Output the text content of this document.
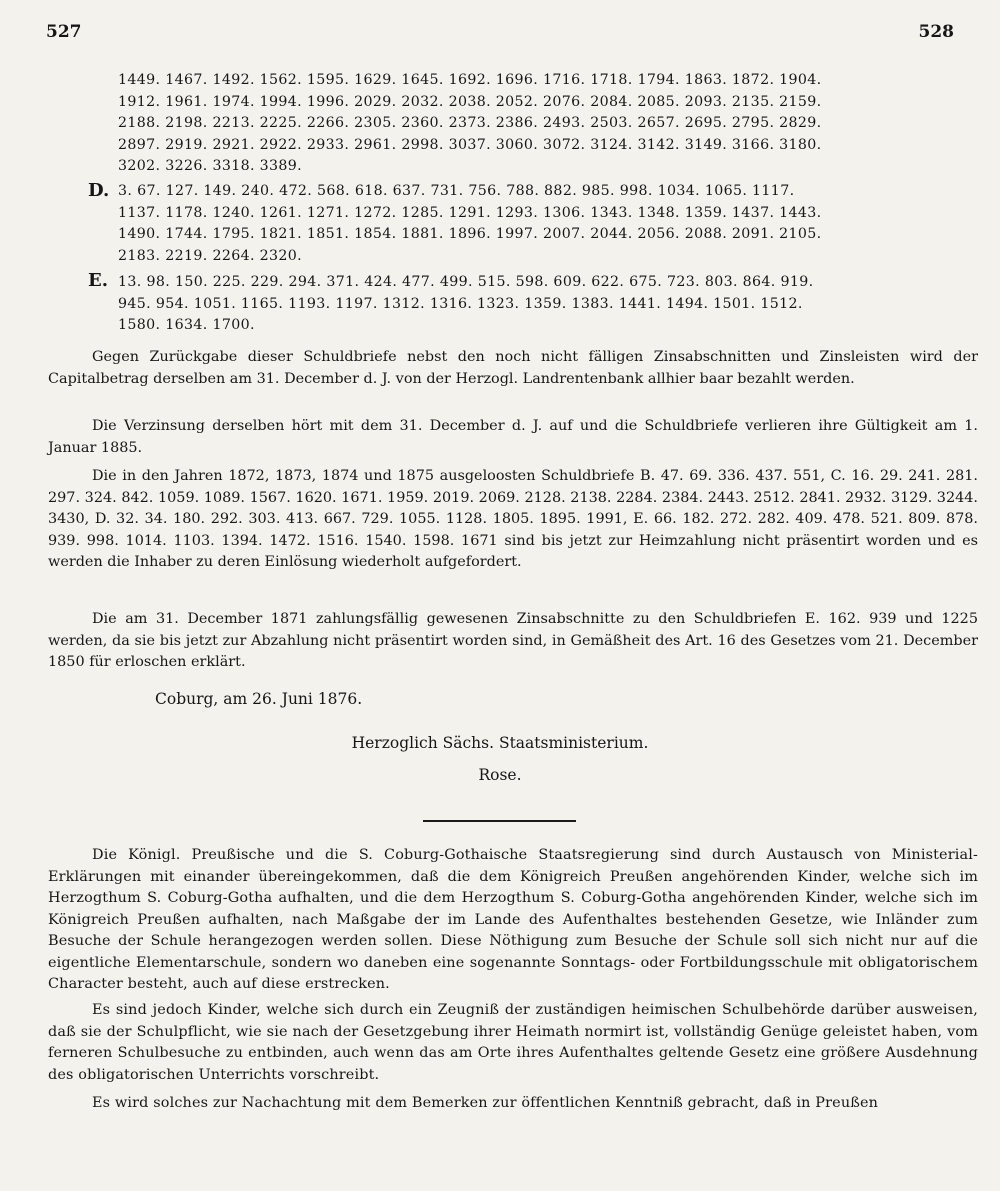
527	528
1449. 1467. 1492. 1562. 1595. 1629. 1645. 1692. 1696. 1716. 1718. 1794. 1863. 1872. 1904.
1912. 1961. 1974. 1994. 1996. 2029. 2032. 2038. 2052. 2076. 2084. 2085. 2093. 2135. 2159.
2188. 2198. 2213. 2225. 2266. 2305. 2360. 2373. 2386. 2493. 2503. 2657. 2695. 2795. 2829.
2897. 2919. 2921. 2922. 2933. 2961. 2998. 3037. 3060. 3072. 3124. 3142. 3149. 3166. 3180.
3202. 3226. 3318. 3389.
D. 3. 67. 127. 149. 240. 472. 568. 618. 637. 731. 756. 788. 882. 985. 998. 1034. 1065. 1117.
1137. 1178. 1240. 1261. 1271. 1272. 1285. 1291. 1293. 1306. 1343. 1348. 1359. 1437. 1443.
1490. 1744. 1795. 1821. 1851. 1854. 1881. 1896. 1997. 2007. 2044. 2056. 2088. 2091. 2105.
2183. 2219. 2264. 2320.
E. 13. 98. 150. 225. 229. 294. 371. 424. 477. 499. 515. 598. 609. 622. 675. 723. 803. 864. 919.
945. 954. 1051. 1165. 1193. 1197. 1312. 1316. 1323. 1359. 1383. 1441. 1494. 1501. 1512.
1580. 1634. 1700.
Gegen Zurückgabe dieser Schuldbriefe nebst den noch nicht fälligen Zinsabschnitten und Zinsleisten wird der Capitalbetrag derselben am 31. December d. J. von der Herzogl. Landrentenbank allhier baar bezahlt werden.
Die Verzinsung derselben hört mit dem 31. December d. J. auf und die Schuldbriefe verlieren ihre Gültigkeit am 1. Januar 1885.
Die in den Jahren 1872, 1873, 1874 und 1875 ausgeloosten Schuldbriefe B. 47. 69. 336. 437. 551, C. 16. 29. 241. 281. 297. 324. 842. 1059. 1089. 1567. 1620. 1671. 1959. 2019. 2069. 2128. 2138. 2284. 2384. 2443. 2512. 2841. 2932. 3129. 3244. 3430, D. 32. 34. 180. 292. 303. 413. 667. 729. 1055. 1128. 1805. 1895. 1991, E. 66. 182. 272. 282. 409. 478. 521. 809. 878. 939. 998. 1014. 1103. 1394. 1472. 1516. 1540. 1598. 1671 sind bis jetzt zur Heimzahlung nicht präsentirt worden und es werden die Inhaber zu deren Einlösung wiederholt aufgefordert.
Die am 31. December 1871 zahlungsfällig gewesenen Zinsabschnitte zu den Schuldbriefen E. 162. 939 und 1225 werden, da sie bis jetzt zur Abzahlung nicht präsentirt worden sind, in Gemäßheit des Art. 16 des Gesetzes vom 21. December 1850 für erloschen erklärt.
Coburg, am 26. Juni 1876.
Herzoglich Sächs. Staatsministerium.
Rose.
Die Königl. Preußische und die S. Coburg-Gothaische Staatsregierung sind durch Austausch von Ministerial-Erklärungen mit einander übereingekommen, daß die dem Königreich Preußen angehörenden Kinder, welche sich im Herzogthum S. Coburg-Gotha aufhalten, und die dem Herzogthum S. Coburg-Gotha angehörenden Kinder, welche sich im Königreich Preußen aufhalten, nach Maßgabe der im Lande des Aufenthaltes bestehenden Gesetze, wie Inländer zum Besuche der Schule herangezogen werden sollen. Diese Nöthigung zum Besuche der Schule soll sich nicht nur auf die eigentliche Elementarschule, sondern wo daneben eine sogenannte Sonntags- oder Fortbildungsschule mit obligatorischem Character besteht, auch auf diese erstrecken.
Es sind jedoch Kinder, welche sich durch ein Zeugniß der zuständigen heimischen Schulbehörde darüber ausweisen, daß sie der Schulpflicht, wie sie nach der Gesetzgebung ihrer Heimath normirt ist, vollständig Genüge geleistet haben, vom ferneren Schulbesuche zu entbinden, auch wenn das am Orte ihres Aufenthaltes geltende Gesetz eine größere Ausdehnung des obligatorischen Unterrichts vorschreibt.
Es wird solches zur Nachachtung mit dem Bemerken zur öffentlichen Kenntniß gebracht, daß in Preußen
